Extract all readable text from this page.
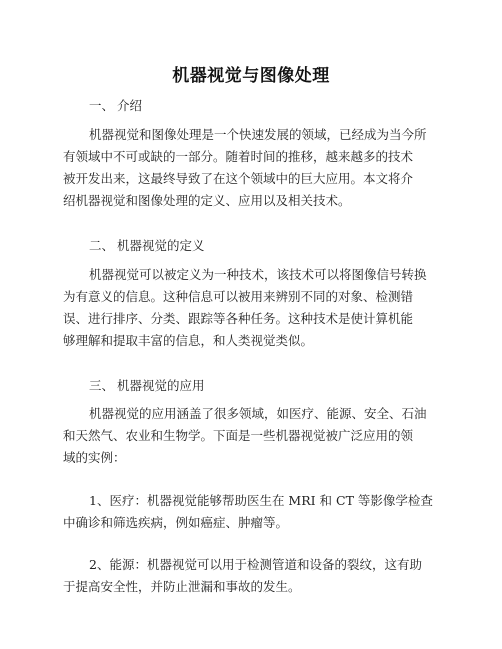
机器视觉与图像处理
一、 介绍
机器视觉和图像处理是一个快速发展的领域，已经成为当今所
有领域中不可或缺的一部分。随着时间的推移，越来越多的技术
被开发出来，这最终导致了在这个领域中的巨大应用。本文将介
绍机器视觉和图像处理的定义、应用以及相关技术。
二、 机器视觉的定义
机器视觉可以被定义为一种技术，该技术可以将图像信号转换
为有意义的信息。这种信息可以被用来辨别不同的对象、检测错
误、进行排序、分类、跟踪等各种任务。这种技术是使计算机能
够理解和提取丰富的信息，和人类视觉类似。
三、 机器视觉的应用
机器视觉的应用涵盖了很多领域，如医疗、能源、安全、石油
和天然气、农业和生物学。下面是一些机器视觉被广泛应用的领
域的实例：
1、医疗：机器视觉能够帮助医生在 MRI 和 CT 等影像学检查
中确诊和筛选疾病，例如癌症、肿瘤等。
2、能源：机器视觉可以用于检测管道和设备的裂纹，这有助
于提高安全性，并防止泄漏和事故的发生。
